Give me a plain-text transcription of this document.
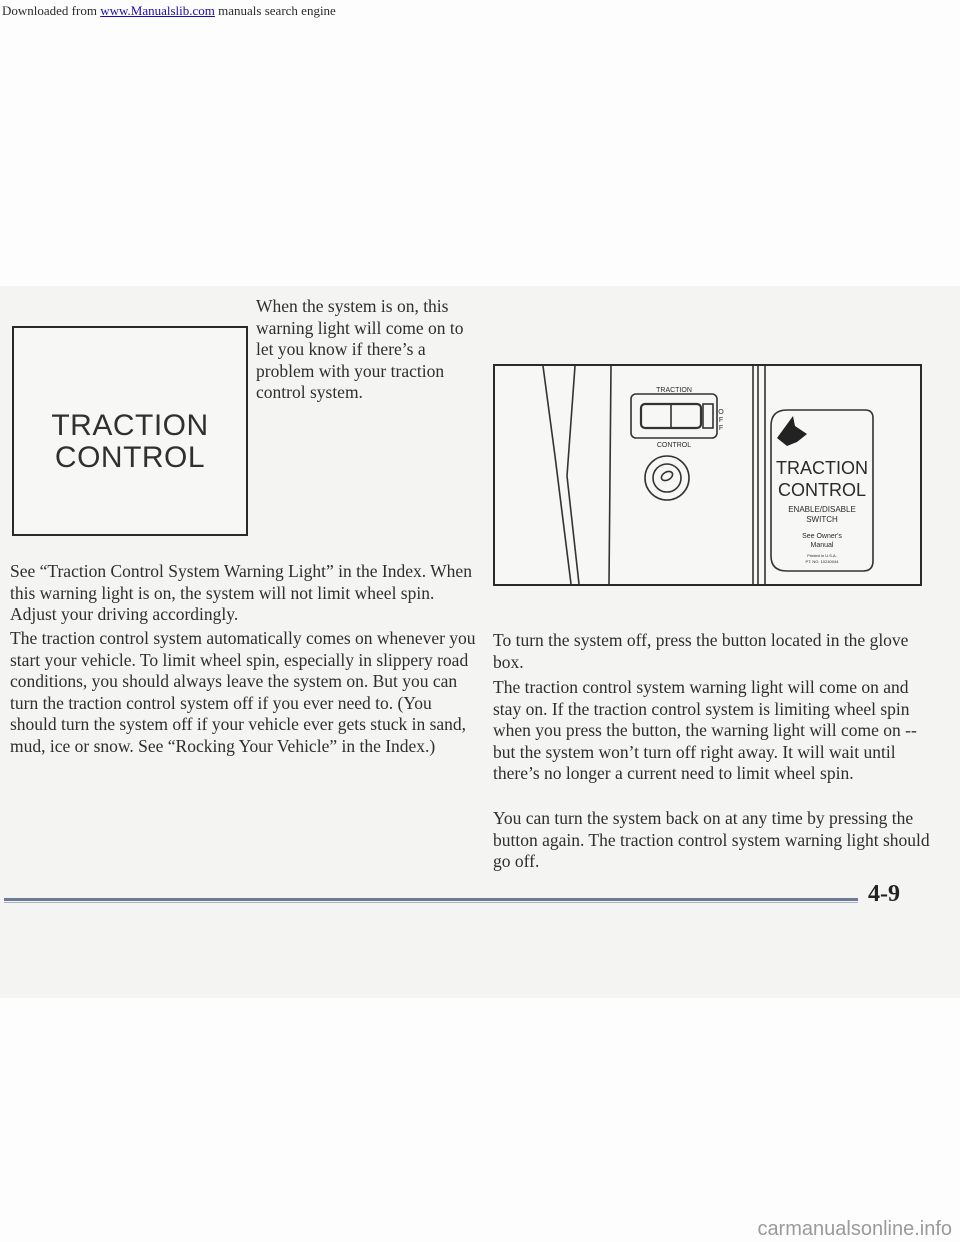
Downloaded from www.Manualslib.com manuals search engine
TRACTION
CONTROL

When the system is on, this warning light will come on to let you know if there’s a problem with your traction control system.

See “Traction Control System Warning Light” in the Index. When this warning light is on, the system will not limit wheel spin. Adjust your driving accordingly.

The traction control system automatically comes on whenever you start your vehicle. To limit wheel spin, especially in slippery road conditions, you should always leave the system on. But you can turn the traction control system off if you ever need to. (You should turn the system off if your vehicle ever gets stuck in sand, mud, ice or snow. See “Rocking Your Vehicle” in the Index.)

TRACTION
CONTROL
O
F
F
TRACTION
CONTROL
ENABLE/DISABLE
SWITCH
See Owner's
Manual
Printed in U.S.A.
PT. NO. 10240044

To turn the system off, press the button located in the glove box.

The traction control system warning light will come on and stay on. If the traction control system is limiting wheel spin when you press the button, the warning light will come on -- but the system won’t turn off right away. It will wait until there’s no longer a current need to limit wheel spin.

You can turn the system back on at any time by pressing the button again. The traction control system warning light should go off.

4-9
carmanualsonline.info
